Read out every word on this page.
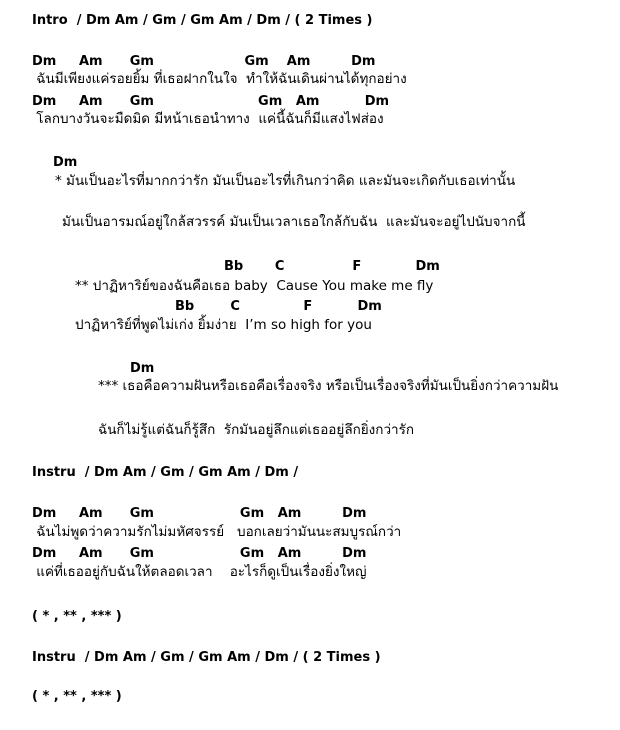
Intro  / Dm Am / Gm / Gm Am / Dm / ( 2 Times )
Dm     Am      Gm                    Gm    Am         Dm
ฉันมีเพียงแค่รอยยิ้ม ที่เธอฝากในใจ  ทำให้ฉันเดินผ่านได้ทุกอย่าง
Dm     Am      Gm                       Gm   Am          Dm
โลกบางวันจะมืดมิด มีหน้าเธอนำทาง  แค่นี้ฉันก็มีแสงไฟส่อง
Dm
* มันเป็นอะไรที่มากกว่ารัก มันเป็นอะไรที่เกินกว่าคิด และมันจะเกิดกับเธอเท่านั้น
มันเป็นอารมณ์อยู่ใกล้สวรรค์ มันเป็นเวลาเธอใกล้กับฉัน  และมันจะอยู่ไปนับจากนี้
Bb       C               F            Dm
** ปาฏิหาริย์ของฉันคือเธอ baby  Cause You make me fly
Bb        C              F          Dm
ปาฏิหาริย์ที่พูดไม่เก่ง ยิ้มง่าย  I’m so high for you
Dm
*** เธอคือความฝันหรือเธอคือเรื่องจริง หรือเป็นเรื่องจริงที่มันเป็นยิ่งกว่าความฝัน
ฉันก็ไม่รู้แต่ฉันก็รู้สึก  รักมันอยู่ลึกแต่เธออยู่ลึกยิ่งกว่ารัก
Instru  / Dm Am / Gm / Gm Am / Dm /
Dm     Am      Gm                   Gm   Am         Dm
ฉันไม่พูดว่าความรักไม่มหัศจรรย์   บอกเลยว่ามันนะสมบูรณ์กว่า
Dm     Am      Gm                   Gm   Am         Dm
แค่ที่เธออยู่กับฉันให้ตลอดเวลา    อะไรก็ดูเป็นเรื่องยิ่งใหญ่
( * , ** , *** )
Instru  / Dm Am / Gm / Gm Am / Dm / ( 2 Times )
( * , ** , *** )
